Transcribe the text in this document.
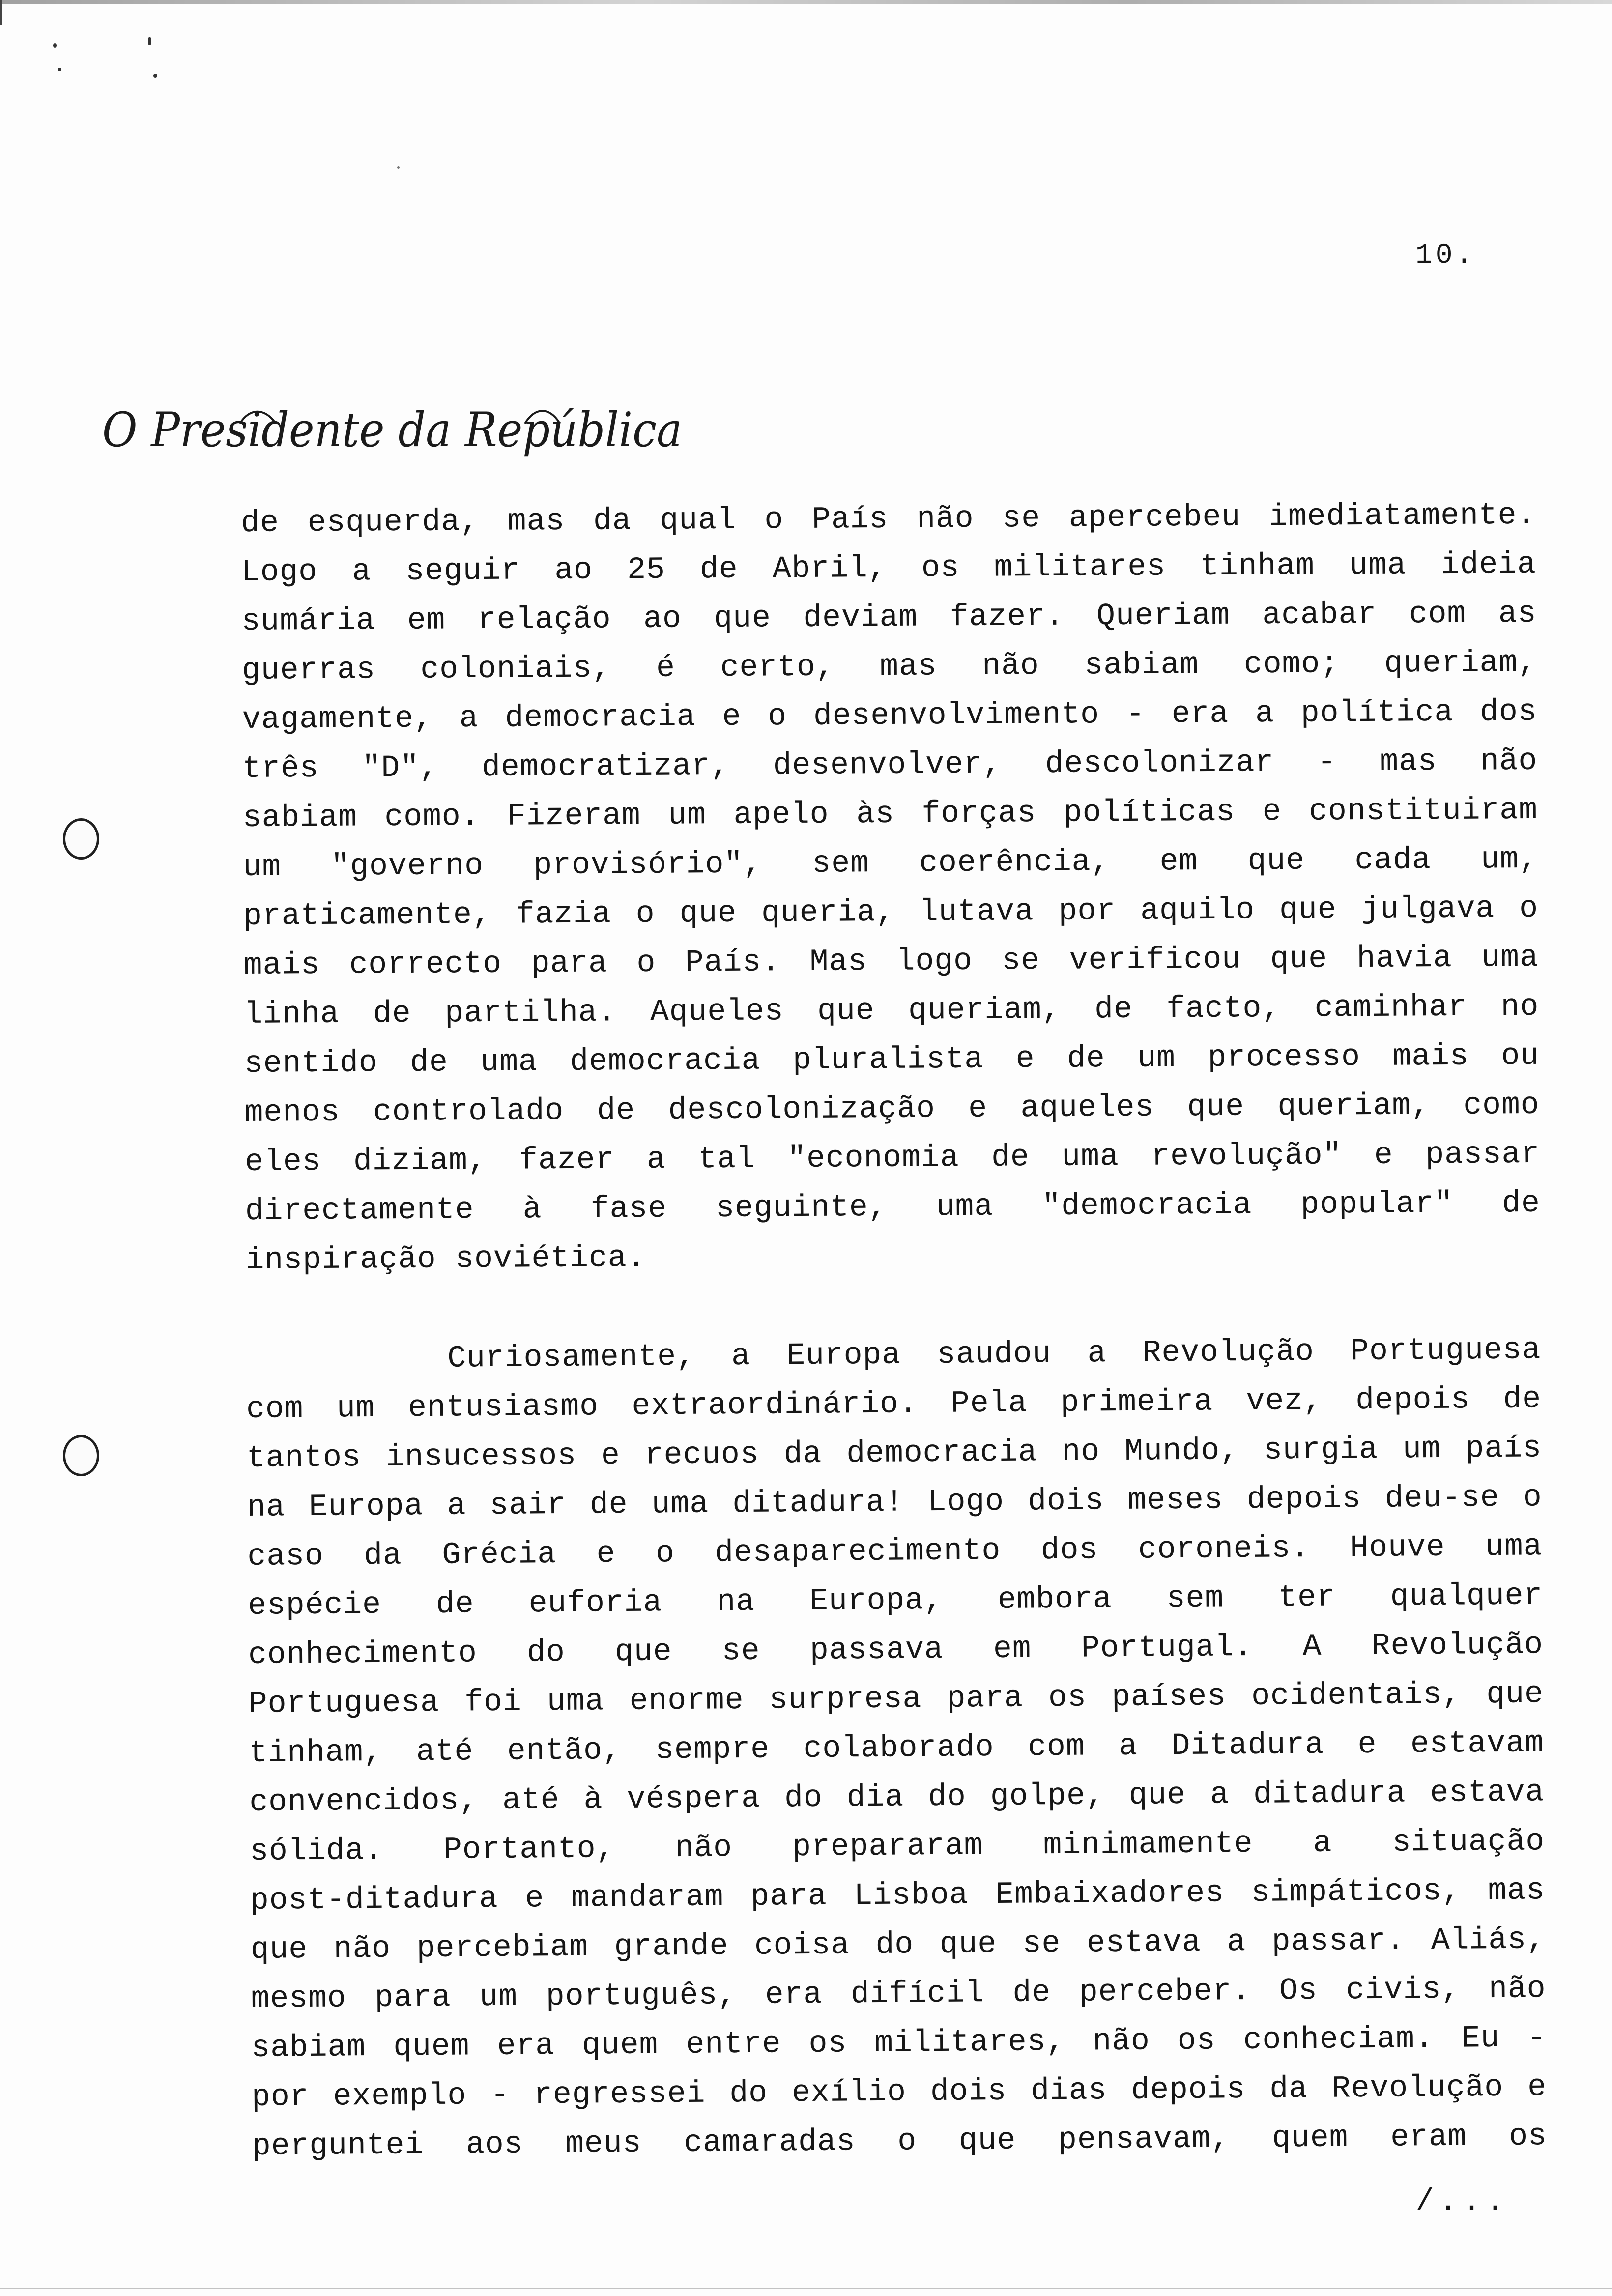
10.
O Presidente da República
de esquerda, mas da qual o País não se apercebeu imediatamente.
Logo a seguir ao 25 de Abril, os militares tinham uma ideia
sumária em relação ao que deviam fazer. Queriam acabar com as
guerras coloniais, é certo, mas não sabiam como; queriam,
vagamente, a democracia e o desenvolvimento - era a política dos
três "D", democratizar, desenvolver, descolonizar - mas não
sabiam como. Fizeram um apelo às forças políticas e constituiram
um "governo provisório", sem coerência, em que cada um,
praticamente, fazia o que queria, lutava por aquilo que julgava o
mais correcto para o País. Mas logo se verificou que havia uma
linha de partilha. Aqueles que queriam, de facto, caminhar no
sentido de uma democracia pluralista e de um processo mais ou
menos controlado de descolonização e aqueles que queriam, como
eles diziam, fazer a tal "economia de uma revolução" e passar
directamente à fase seguinte, uma "democracia popular" de
inspiração soviética.
Curiosamente, a Europa saudou a Revolução Portuguesa
com um entusiasmo extraordinário. Pela primeira vez, depois de
tantos insucessos e recuos da democracia no Mundo, surgia um país
na Europa a sair de uma ditadura! Logo dois meses depois deu-se o
caso da Grécia e o desaparecimento dos coroneis. Houve uma
espécie de euforia na Europa, embora sem ter qualquer
conhecimento do que se passava em Portugal. A Revolução
Portuguesa foi uma enorme surpresa para os países ocidentais, que
tinham, até então, sempre colaborado com a Ditadura e estavam
convencidos, até à véspera do dia do golpe, que a ditadura estava
sólida. Portanto, não prepararam minimamente a situação
post-ditadura e mandaram para Lisboa Embaixadores simpáticos, mas
que não percebiam grande coisa do que se estava a passar. Aliás,
mesmo para um português, era difícil de perceber. Os civis, não
sabiam quem era quem entre os militares, não os conheciam. Eu -
por exemplo - regressei do exílio dois dias depois da Revolução e
perguntei aos meus camaradas o que pensavam, quem eram os
/...
